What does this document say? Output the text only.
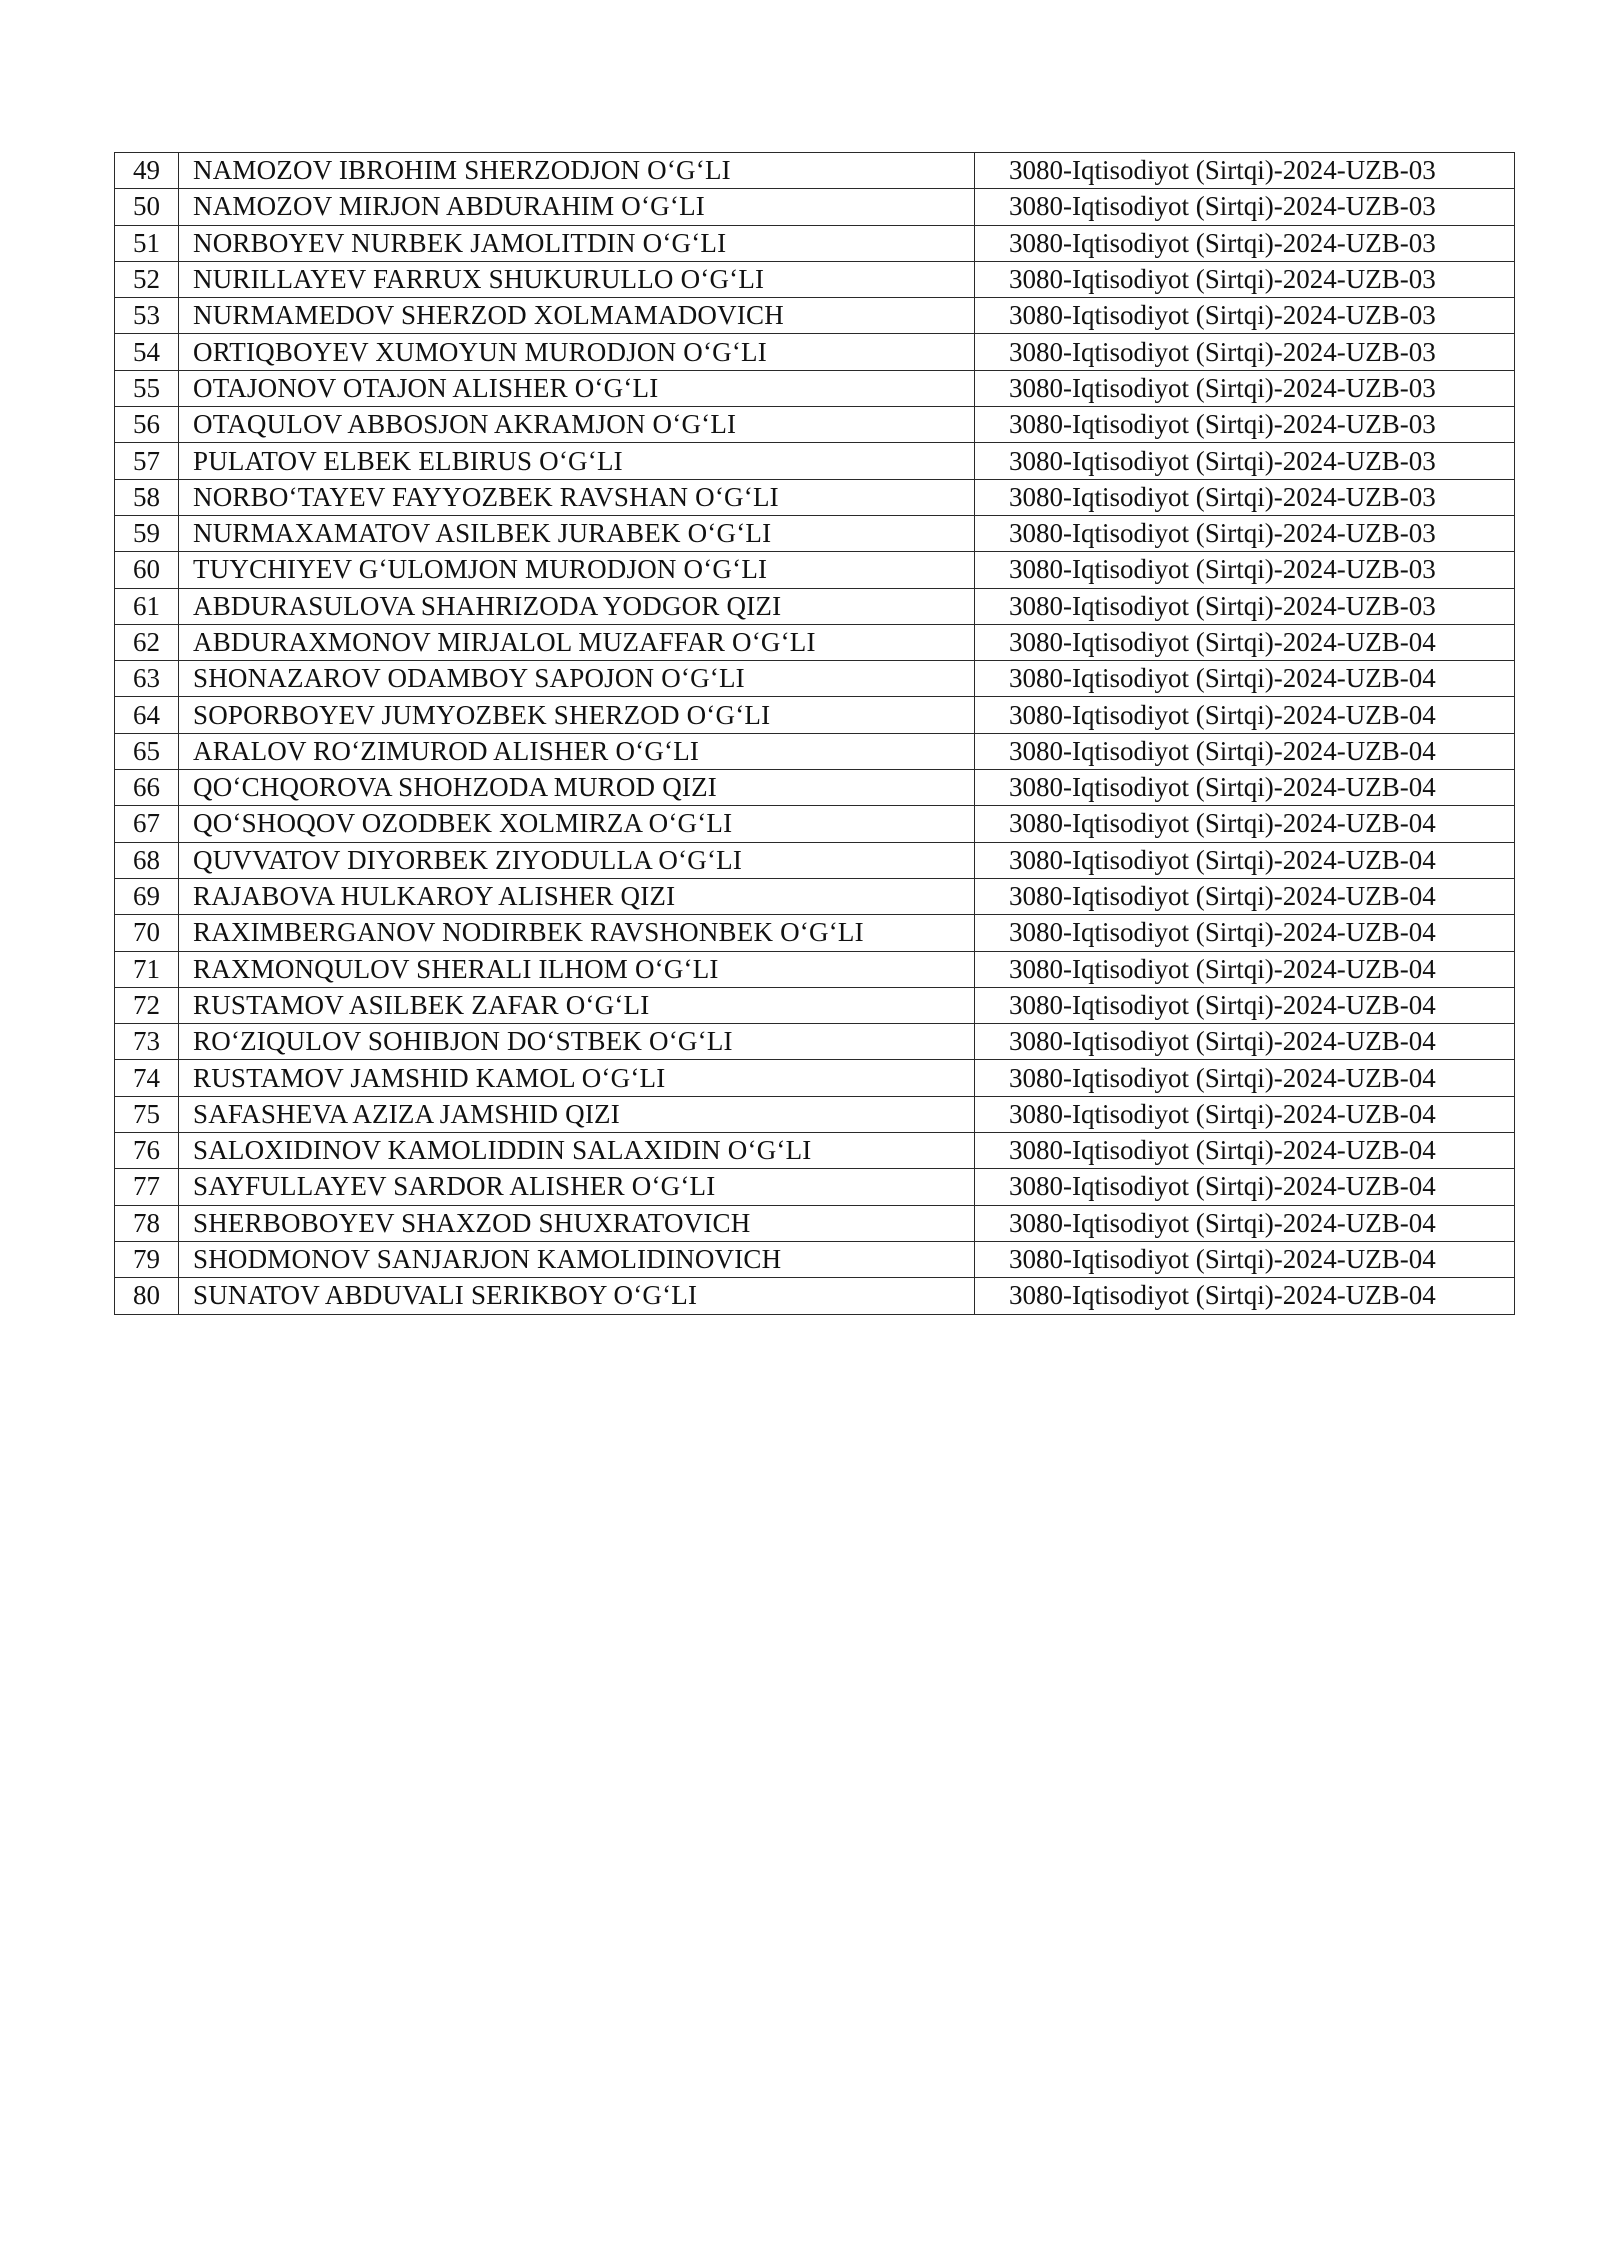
49	NAMOZOV IBROHIM SHERZODJON O‘G‘LI	3080-Iqtisodiyot (Sirtqi)-2024-UZB-03
50	NAMOZOV MIRJON ABDURAHIM O‘G‘LI	3080-Iqtisodiyot (Sirtqi)-2024-UZB-03
51	NORBOYEV NURBEK JAMOLITDIN O‘G‘LI	3080-Iqtisodiyot (Sirtqi)-2024-UZB-03
52	NURILLAYEV FARRUX SHUKURULLO O‘G‘LI	3080-Iqtisodiyot (Sirtqi)-2024-UZB-03
53	NURMAMEDOV SHERZOD XOLMAMADOVICH	3080-Iqtisodiyot (Sirtqi)-2024-UZB-03
54	ORTIQBOYEV XUMOYUN MURODJON O‘G‘LI	3080-Iqtisodiyot (Sirtqi)-2024-UZB-03
55	OTAJONOV OTAJON ALISHER O‘G‘LI	3080-Iqtisodiyot (Sirtqi)-2024-UZB-03
56	OTAQULOV ABBOSJON AKRAMJON O‘G‘LI	3080-Iqtisodiyot (Sirtqi)-2024-UZB-03
57	PULATOV ELBEK ELBIRUS O‘G‘LI	3080-Iqtisodiyot (Sirtqi)-2024-UZB-03
58	NORBO‘TAYEV FAYYOZBEK RAVSHAN O‘G‘LI	3080-Iqtisodiyot (Sirtqi)-2024-UZB-03
59	NURMAXAMATOV ASILBEK JURABEK O‘G‘LI	3080-Iqtisodiyot (Sirtqi)-2024-UZB-03
60	TUYCHIYEV G‘ULOMJON MURODJON O‘G‘LI	3080-Iqtisodiyot (Sirtqi)-2024-UZB-03
61	ABDURASULOVA SHAHRIZODA YODGOR QIZI	3080-Iqtisodiyot (Sirtqi)-2024-UZB-03
62	ABDURAXMONOV MIRJALOL MUZAFFAR O‘G‘LI	3080-Iqtisodiyot (Sirtqi)-2024-UZB-04
63	SHONAZAROV ODAMBOY SAPOJON O‘G‘LI	3080-Iqtisodiyot (Sirtqi)-2024-UZB-04
64	SOPORBOYEV JUMYOZBEK SHERZOD O‘G‘LI	3080-Iqtisodiyot (Sirtqi)-2024-UZB-04
65	ARALOV RO‘ZIMUROD ALISHER O‘G‘LI	3080-Iqtisodiyot (Sirtqi)-2024-UZB-04
66	QO‘CHQOROVA SHOHZODA MUROD QIZI	3080-Iqtisodiyot (Sirtqi)-2024-UZB-04
67	QO‘SHOQOV OZODBEK XOLMIRZA O‘G‘LI	3080-Iqtisodiyot (Sirtqi)-2024-UZB-04
68	QUVVATOV DIYORBEK ZIYODULLA O‘G‘LI	3080-Iqtisodiyot (Sirtqi)-2024-UZB-04
69	RAJABOVA HULKAROY ALISHER QIZI	3080-Iqtisodiyot (Sirtqi)-2024-UZB-04
70	RAXIMBERGANOV NODIRBEK RAVSHONBEK O‘G‘LI	3080-Iqtisodiyot (Sirtqi)-2024-UZB-04
71	RAXMONQULOV SHERALI ILHOM O‘G‘LI	3080-Iqtisodiyot (Sirtqi)-2024-UZB-04
72	RUSTAMOV ASILBEK ZAFAR O‘G‘LI	3080-Iqtisodiyot (Sirtqi)-2024-UZB-04
73	RO‘ZIQULOV SOHIBJON DO‘STBEK O‘G‘LI	3080-Iqtisodiyot (Sirtqi)-2024-UZB-04
74	RUSTAMOV JAMSHID KAMOL O‘G‘LI	3080-Iqtisodiyot (Sirtqi)-2024-UZB-04
75	SAFASHEVA AZIZA JAMSHID QIZI	3080-Iqtisodiyot (Sirtqi)-2024-UZB-04
76	SALOXIDINOV KAMOLIDDIN SALAXIDIN O‘G‘LI	3080-Iqtisodiyot (Sirtqi)-2024-UZB-04
77	SAYFULLAYEV SARDOR ALISHER O‘G‘LI	3080-Iqtisodiyot (Sirtqi)-2024-UZB-04
78	SHERBOBOYEV SHAXZOD SHUXRATOVICH	3080-Iqtisodiyot (Sirtqi)-2024-UZB-04
79	SHODMONOV SANJARJON KAMOLIDINOVICH	3080-Iqtisodiyot (Sirtqi)-2024-UZB-04
80	SUNATOV ABDUVALI SERIKBOY O‘G‘LI	3080-Iqtisodiyot (Sirtqi)-2024-UZB-04
